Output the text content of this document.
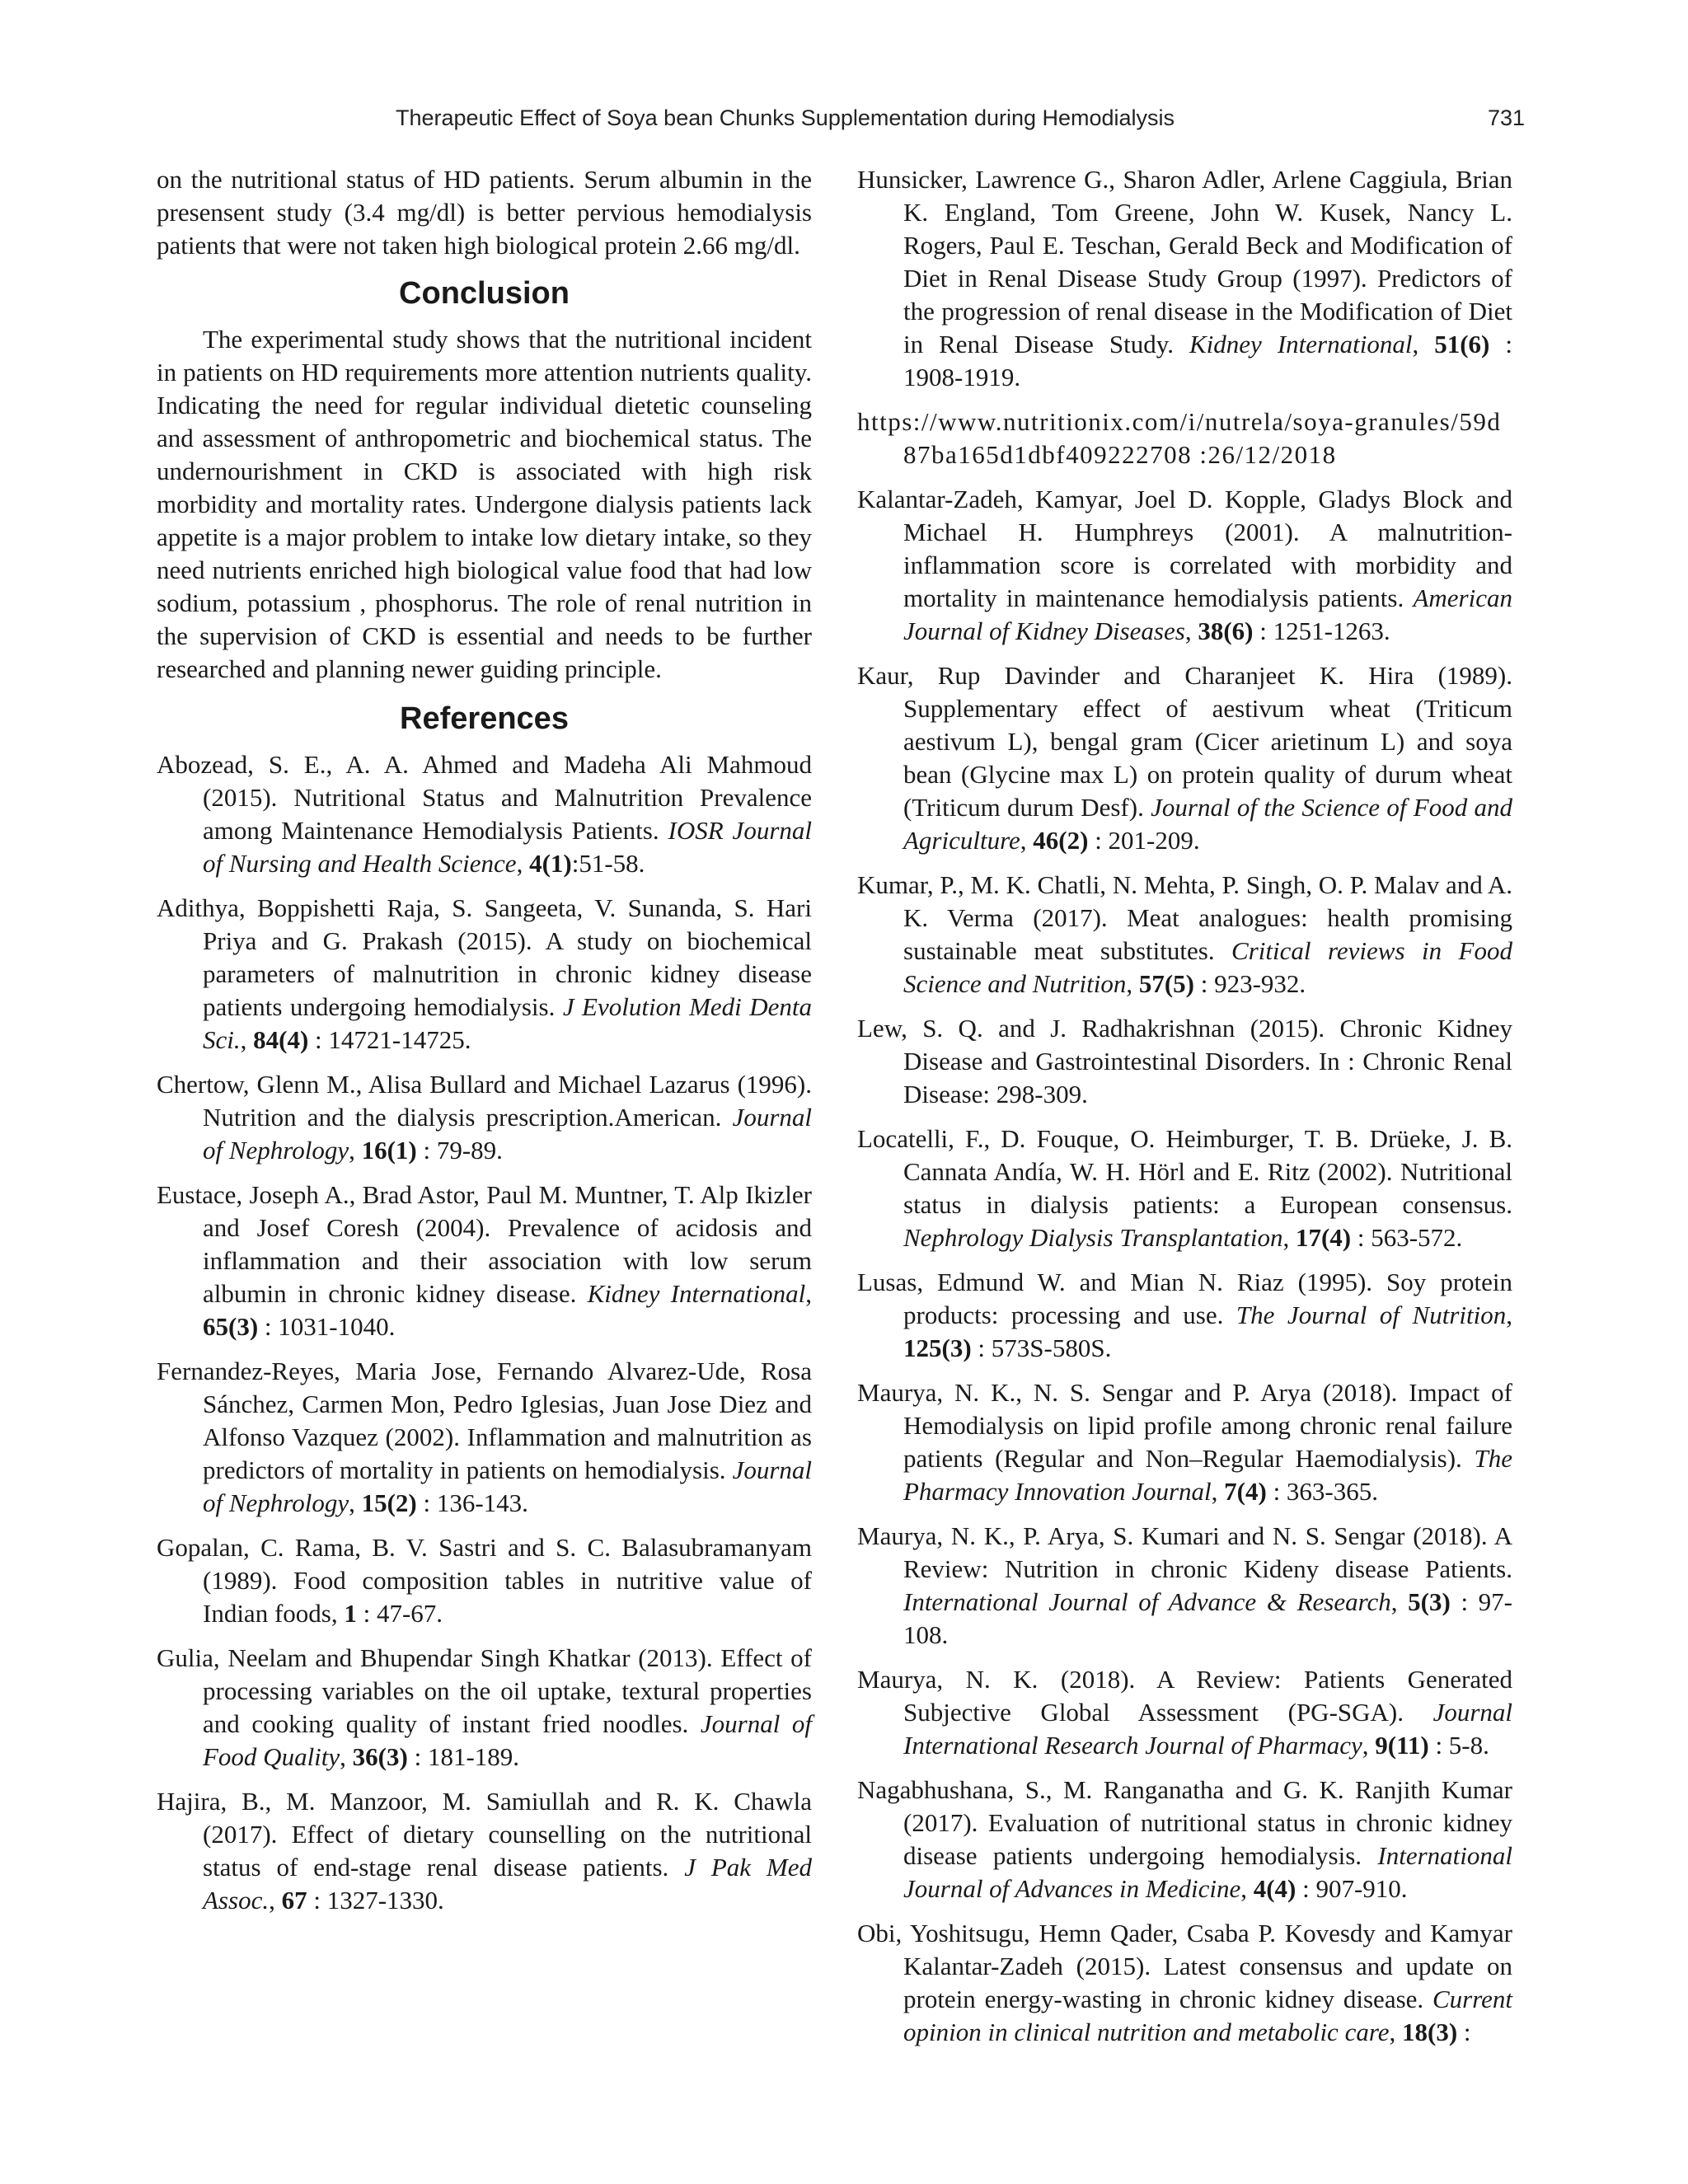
Therapeutic Effect of Soya bean Chunks Supplementation during Hemodialysis	731

on the nutritional status of HD patients. Serum albumin in the presensent study (3.4 mg/dl) is better pervious hemodialysis patients that were not taken high biological protein 2.66 mg/dl.

Conclusion

The experimental study shows that the nutritional incident in patients on HD requirements more attention nutrients quality. Indicating the need for regular individual dietetic counseling and assessment of anthropometric and biochemical status. The undernourishment in CKD is associated with high risk morbidity and mortality rates. Undergone dialysis patients lack appetite is a major problem to intake low dietary intake, so they need nutrients enriched high biological value food that had low sodium, potassium , phosphorus. The role of renal nutrition in the supervision of CKD is essential and needs to be further researched and planning newer guiding principle.

References

Abozead, S. E., A. A. Ahmed and Madeha Ali Mahmoud (2015). Nutritional Status and Malnutrition Prevalence among Maintenance Hemodialysis Patients. IOSR Journal of Nursing and Health Science, 4(1):51-58.

Adithya, Boppishetti Raja, S. Sangeeta, V. Sunanda, S. Hari Priya and G. Prakash (2015). A study on biochemical parameters of malnutrition in chronic kidney disease patients undergoing hemodialysis. J Evolution Medi Denta Sci., 84(4) : 14721-14725.

Chertow, Glenn M., Alisa Bullard and Michael Lazarus (1996). Nutrition and the dialysis prescription.American. Journal of Nephrology, 16(1) : 79-89.

Eustace, Joseph A., Brad Astor, Paul M. Muntner, T. Alp Ikizler and Josef Coresh (2004). Prevalence of acidosis and inflammation and their association with low serum albumin in chronic kidney disease. Kidney International, 65(3) : 1031-1040.

Fernandez-Reyes, Maria Jose, Fernando Alvarez-Ude, Rosa Sánchez, Carmen Mon, Pedro Iglesias, Juan Jose Diez and Alfonso Vazquez (2002). Inflammation and malnutrition as predictors of mortality in patients on hemodialysis. Journal of Nephrology, 15(2) : 136-143.

Gopalan, C. Rama, B. V. Sastri and S. C. Balasubramanyam (1989). Food composition tables in nutritive value of Indian foods, 1 : 47-67.

Gulia, Neelam and Bhupendar Singh Khatkar (2013). Effect of processing variables on the oil uptake, textural properties and cooking quality of instant fried noodles. Journal of Food Quality, 36(3) : 181-189.

Hajira, B., M. Manzoor, M. Samiullah and R. K. Chawla (2017). Effect of dietary counselling on the nutritional status of end-stage renal disease patients. J Pak Med Assoc., 67 : 1327-1330.

Hunsicker, Lawrence G., Sharon Adler, Arlene Caggiula, Brian K. England, Tom Greene, John W. Kusek, Nancy L. Rogers, Paul E. Teschan, Gerald Beck and Modification of Diet in Renal Disease Study Group (1997). Predictors of the progression of renal disease in the Modification of Diet in Renal Disease Study. Kidney International, 51(6) : 1908-1919.

https://www.nutritionix.com/i/nutrela/soya-granules/59d87ba165d1dbf409222708 :26/12/2018

Kalantar-Zadeh, Kamyar, Joel D. Kopple, Gladys Block and Michael H. Humphreys (2001). A malnutrition-inflammation score is correlated with morbidity and mortality in maintenance hemodialysis patients. American Journal of Kidney Diseases, 38(6) : 1251-1263.

Kaur, Rup Davinder and Charanjeet K. Hira (1989). Supplementary effect of aestivum wheat (Triticum aestivum L), bengal gram (Cicer arietinum L) and soya bean (Glycine max L) on protein quality of durum wheat (Triticum durum Desf). Journal of the Science of Food and Agriculture, 46(2) : 201-209.

Kumar, P., M. K. Chatli, N. Mehta, P. Singh, O. P. Malav and A. K. Verma (2017). Meat analogues: health promising sustainable meat substitutes. Critical reviews in Food Science and Nutrition, 57(5) : 923-932.

Lew, S. Q. and J. Radhakrishnan (2015). Chronic Kidney Disease and Gastrointestinal Disorders. In : Chronic Renal Disease: 298-309.

Locatelli, F., D. Fouque, O. Heimburger, T. B. Drüeke, J. B. Cannata Andía, W. H. Hörl and E. Ritz (2002). Nutritional status in dialysis patients: a European consensus. Nephrology Dialysis Transplantation, 17(4) : 563-572.

Lusas, Edmund W. and Mian N. Riaz (1995). Soy protein products: processing and use. The Journal of Nutrition, 125(3) : 573S-580S.

Maurya, N. K., N. S. Sengar and P. Arya (2018). Impact of Hemodialysis on lipid profile among chronic renal failure patients (Regular and Non–Regular Haemodialysis). The Pharmacy Innovation Journal, 7(4) : 363-365.

Maurya, N. K., P. Arya, S. Kumari and N. S. Sengar (2018). A Review: Nutrition in chronic Kideny disease Patients. International Journal of Advance & Research, 5(3) : 97-108.

Maurya, N. K. (2018). A Review: Patients Generated Subjective Global Assessment (PG-SGA). Journal International Research Journal of Pharmacy, 9(11) : 5-8.

Nagabhushana, S., M. Ranganatha and G. K. Ranjith Kumar (2017). Evaluation of nutritional status in chronic kidney disease patients undergoing hemodialysis. International Journal of Advances in Medicine, 4(4) : 907-910.

Obi, Yoshitsugu, Hemn Qader, Csaba P. Kovesdy and Kamyar Kalantar-Zadeh (2015). Latest consensus and update on protein energy-wasting in chronic kidney disease. Current opinion in clinical nutrition and metabolic care, 18(3) :
